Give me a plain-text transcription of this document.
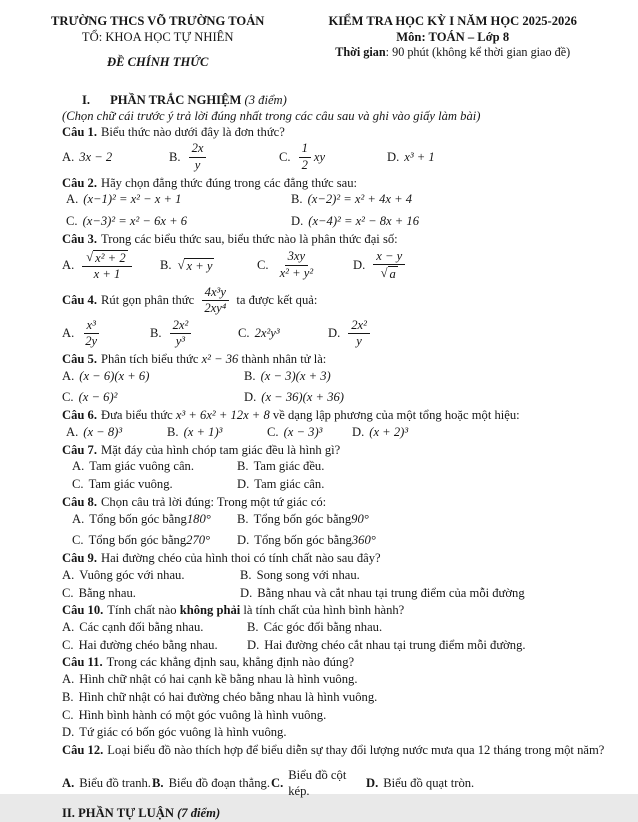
TRƯỜNG THCS VÕ TRƯỜNG TOẢN
TỔ: KHOA HỌC TỰ NHIÊN
ĐỀ CHÍNH THỨC
KIỂM TRA HỌC KỲ I NĂM HỌC 2025-2026
Môn: TOÁN – Lớp 8
Thời gian: 90 phút (không kể thời gian giao đề)
I. PHẦN TRẮC NGHIỆM (3 điểm)
(Chọn chữ cái trước ý trả lời đúng nhất trong các câu sau và ghi vào giấy làm bài)
Câu 1. Biểu thức nào dưới đây là đơn thức?
A. 3x − 2	B. $\frac{2x}{y}$	C. $\frac{1}{2}$ xy	D. x³ + 1
Câu 2. Hãy chọn đẳng thức đúng trong các đẳng thức sau:
A. (x−1)² = x² − x + 1	B. (x−2)² = x² + 4x + 4
C. (x−3)² = x² − 6x + 6	D. (x−4)² = x² − 8x + 16
Câu 3. Trong các biểu thức sau, biểu thức nào là phân thức đại số:
A. $\frac{\text{√ x² + 2}}{x + 1} B$. √ x + y	C. $\frac{3xy}{\text{x² + y²}}$	D. $\frac{x - y}{√ a}$
Câu 4. Rút gọn phân thức $\frac{\text{4x³y}}{\text{2xy⁴}}$ ta được kết quả:
A. $\frac{\text{x³}}{2y}$	B. $\frac{\text{2x²}}{\text{y³}}$	C. 2x²y³	D. $\frac{\text{2x²}}{y}$
Câu 5. Phân tích biểu thức x² − 36 thành nhân tử là:
A. (x − 6)(x + 6)	B. (x − 3)(x + 3)
C. (x − 6)²	D. (x − 36)(x + 36)
Câu 6. Đưa biểu thức x³ + 6x² + 12x + 8 về dạng lập phương của một tổng hoặc một hiệu:
A. (x − 8)³	B. (x + 1)³	C. (x − 3)³ D. (x + 2)³
Câu 7. Mặt đáy của hình chóp tam giác đều là hình gì?
A. Tam giác vuông cân.	B. Tam giác đều.
C. Tam giác vuông.	D. Tam giác cân.
Câu 8. Chọn câu trả lời đúng: Trong một tứ giác có:
A. Tổng bốn góc bằng 180° B. Tổng bốn góc bằng 90°
C. Tổng bốn góc bằng 270° D. Tổng bốn góc bằng 360°
Câu 9. Hai đường chéo của hình thoi có tính chất nào sau đây?
A. Vuông góc với nhau.	B. Song song với nhau.
C. Bằng nhau.	D. Bằng nhau và cắt nhau tại trung điểm của mỗi đường
Câu 10. Tính chất nào không phải là tính chất của hình bình hành?
A. Các cạnh đối bằng nhau.	B. Các góc đối bằng nhau.
C. Hai đường chéo bằng nhau. D. Hai đường chéo cắt nhau tại trung điểm mỗi đường.
Câu 11. Trong các khẳng định sau, khẳng định nào đúng?
A. Hình chữ nhật có hai cạnh kề bằng nhau là hình vuông.
B. Hình chữ nhật có hai đường chéo bằng nhau là hình vuông.
C. Hình bình hành có một góc vuông là hình vuông.
D. Tứ giác có bốn góc vuông là hình vuông.
Câu 12. Loại biểu đồ nào thích hợp để biểu diễn sự thay đổi lượng nước mưa qua 12 tháng trong một năm?
A. Biểu đồ tranh. B. Biểu đồ đoạn thẳng. C.
Biểu đồ cột kép.
D. Biểu đồ quạt tròn.
II. PHẦN TỰ LUẬN (7 điểm)
